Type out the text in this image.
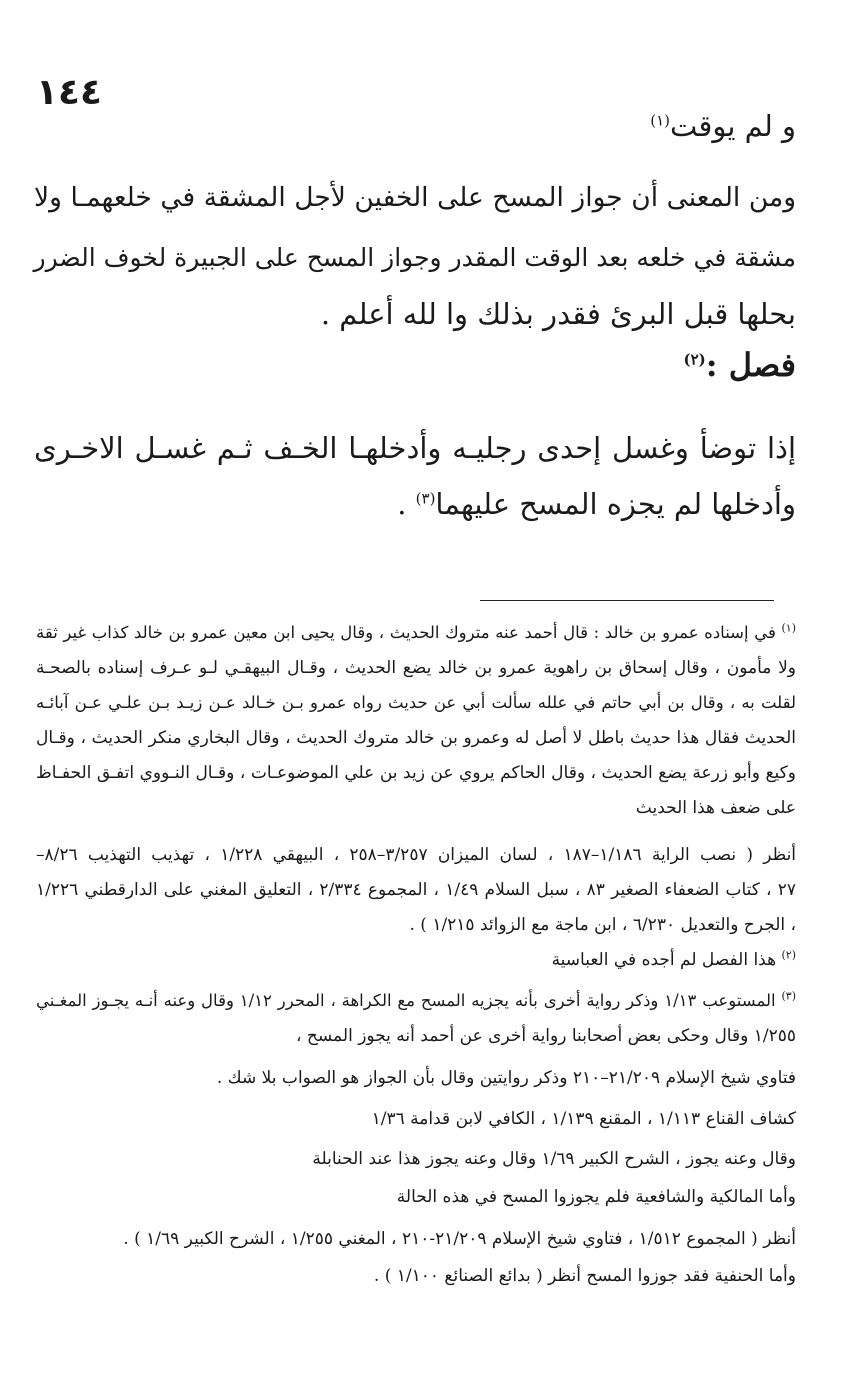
١٤٤
و لم يوقت$^{(١)}$
ومن المعنى أن جواز المسح على الخفين لأجل المشقة في خلعهمـا ولا
مشقة في خلعه بعد الوقت المقدر وجواز المسح على الجبيرة لخوف الضرر
بحلها قبل البرئ فقدر بذلك وا لله أعلم .
فصل :$^{(٢)}$
إذا توضأ وغسل إحدى رجليـه وأدخلهـا الخـف ثـم غسـل الاخـرى
وأدخلها لم يجزه المسح عليهما$^{(٣)}$ .
$^{(١)}$ في إسناده عمرو بن خالد : قال أحمد عنه متروك الحديث ، وقال يحيى ابن معين عمرو بن خالد كذاب غير ثقة
ولا مأمون ، وقال إسحاق بن راهوية عمرو بن خالد يضع الحديث ، وقـال البيهقـي لـو عـرف إسناده بالصحـة
لقلت به ، وقال بن أبي حاتم في علله سألت أبي عن حديث رواه عمرو بـن خـالد عـن زيـد بـن علـي عـن آبائـه
الحديث فقال هذا حديث باطل لا أصل له وعمرو بن خالد متروك الحديث ، وقال البخاري منكر الحديث ، وقـال
وكيع وأبو زرعة يضع الحديث ، وقال الحاكم يروي عن زيد بن علي الموضوعـات ، وقـال النـووي اتفـق الحفـاظ
على ضعف هذا الحديث
أنظر ( نصب الراية ١/١٨٦–١٨٧ ، لسان الميزان ٣/٢٥٧–٢٥٨ ، البيهقي ١/٢٢٨ ، تهذيب التهذيب ٨/٢٦–
٢٧ ، كتاب الضعفاء الصغير ٨٣ ، سبل السلام ١/٤٩ ، المجموع ٢/٣٣٤ ، التعليق المغني على الدارقطني ١/٢٢٦
، الجرح والتعديل ٦/٢٣٠ ، ابن ماجة مع الزوائد ١/٢١٥ ) .
$^{(٢)}$ هذا الفصل لم أجده في العباسية
$^{(٣)}$ المستوعب ١/١٣ وذكر رواية أخرى بأنه يجزيه المسح مع الكراهة ، المحرر ١/١٢ وقال وعنه أنـه يجـوز المغـني
١/٢٥٥ وقال وحكى بعض أصحابنا رواية أخرى عن أحمد أنه يجوز المسح ،
فتاوي شيخ الإسلام ٢١/٢٠٩–٢١٠ وذكر روايتين وقال بأن الجواز هو الصواب بلا شك .
كشاف القناع ١/١١٣ ، المقنع ١/١٣٩ ، الكافي لابن قدامة ١/٣٦
وقال وعنه يجوز ، الشرح الكبير ١/٦٩ وقال وعنه يجوز هذا عند الحنابلة
وأما المالكية والشافعية فلم يجوزوا المسح في هذه الحالة
أنظر ( المجموع ١/٥١٢ ، فتاوي شيخ الإسلام ٢١/٢٠٩-٢١٠ ، المغني ١/٢٥٥ ، الشرح الكبير ١/٦٩ ) .
وأما الحنفية فقد جوزوا المسح أنظر ( بدائع الصنائع ١/١٠٠ ) .
